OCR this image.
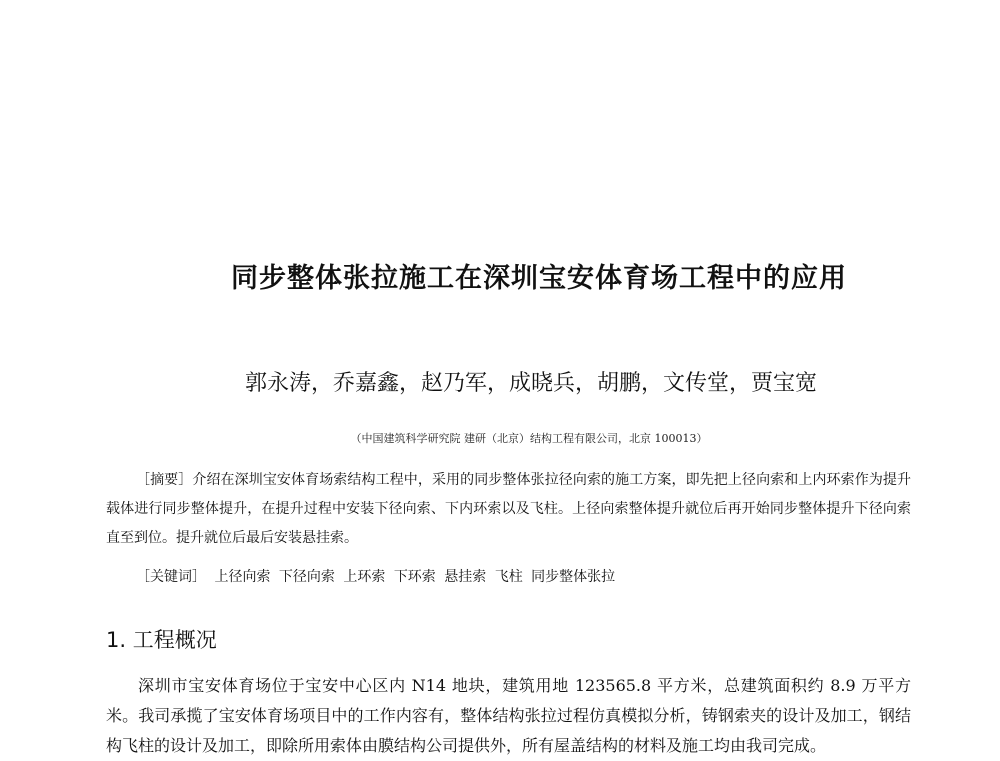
同步整体张拉施工在深圳宝安体育场工程中的应用
郭永涛，乔嘉鑫，赵乃军，成晓兵，胡鹏，文传堂，贾宝宽
（中国建筑科学研究院 建研（北京）结构工程有限公司，北京 100013）
［摘要］介绍在深圳宝安体育场索结构工程中，采用的同步整体张拉径向索的施工方案，即先把上径向索和上内环索作为提升载体进行同步整体提升，在提升过程中安装下径向索、下内环索以及飞柱。上径向索整体提升就位后再开始同步整体提升下径向索直至到位。提升就位后最后安装悬挂索。
［关键词］ 上径向索 下径向索 上环索 下环索 悬挂索 飞柱 同步整体张拉
1. 工程概况
深圳市宝安体育场位于宝安中心区内 N14 地块，建筑用地 123565.8 平方米，总建筑面积约 8.9 万平方米。我司承揽了宝安体育场项目中的工作内容有，整体结构张拉过程仿真模拟分析，铸钢索夹的设计及加工，钢结构飞柱的设计及加工，即除所用索体由膜结构公司提供外，所有屋盖结构的材料及施工均由我司完成。
